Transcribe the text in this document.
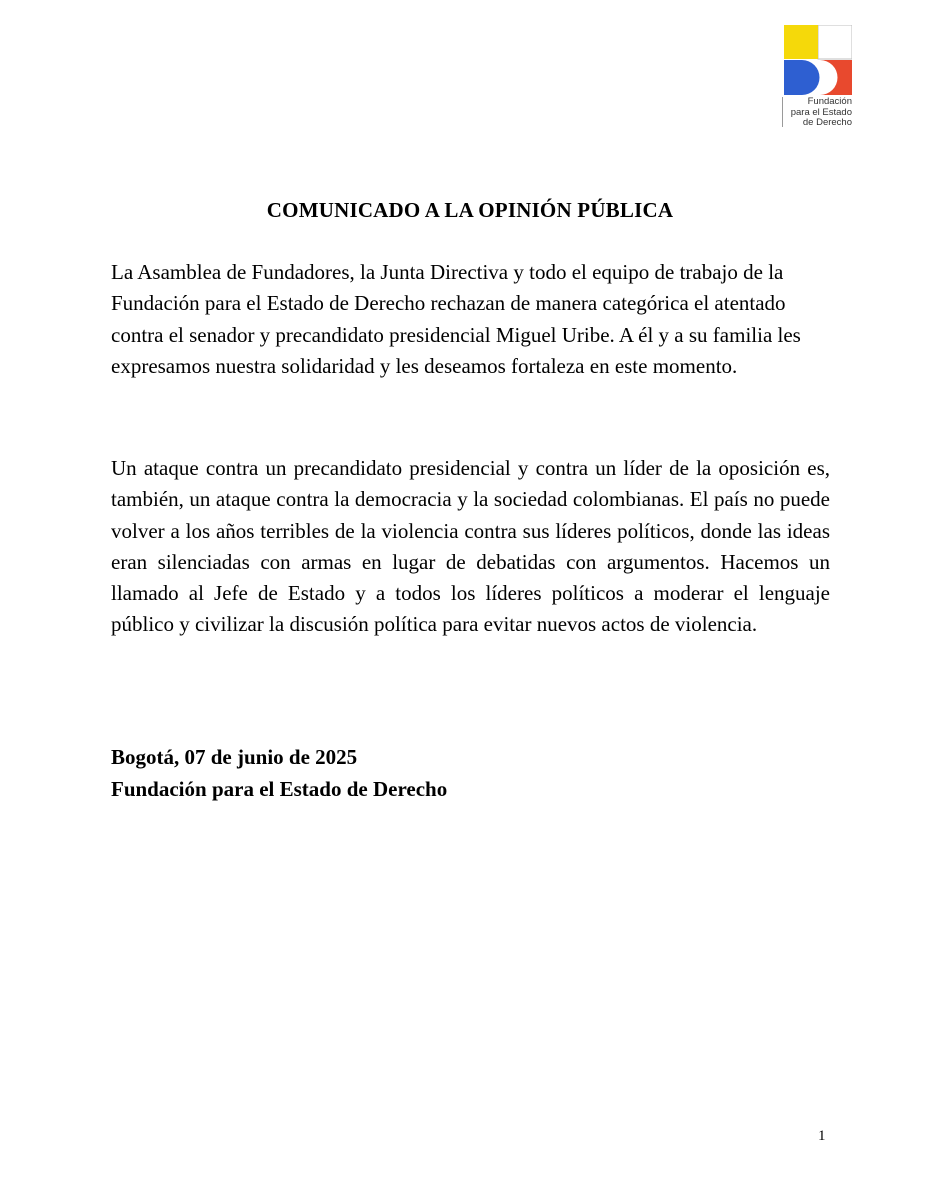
Fundación
para el Estado
de Derecho
COMUNICADO A LA OPINIÓN PÚBLICA

La Asamblea de Fundadores, la Junta Directiva y todo el equipo de trabajo de la Fundación para el Estado de Derecho rechazan de manera categórica el atentado contra el senador y precandidato presidencial Miguel Uribe. A él y a su familia les expresamos nuestra solidaridad y les deseamos fortaleza en este momento.

Un ataque contra un precandidato presidencial y contra un líder de la oposición es, también, un ataque contra la democracia y la sociedad colombianas. El país no puede volver a los años terribles de la violencia contra sus líderes políticos, donde las ideas eran silenciadas con armas en lugar de debatidas con argumentos. Hacemos un llamado al Jefe de Estado y a todos los líderes políticos a moderar el lenguaje público y civilizar la discusión política para evitar nuevos actos de violencia.

Bogotá, 07 de junio de 2025

Fundación para el Estado de Derecho

1
